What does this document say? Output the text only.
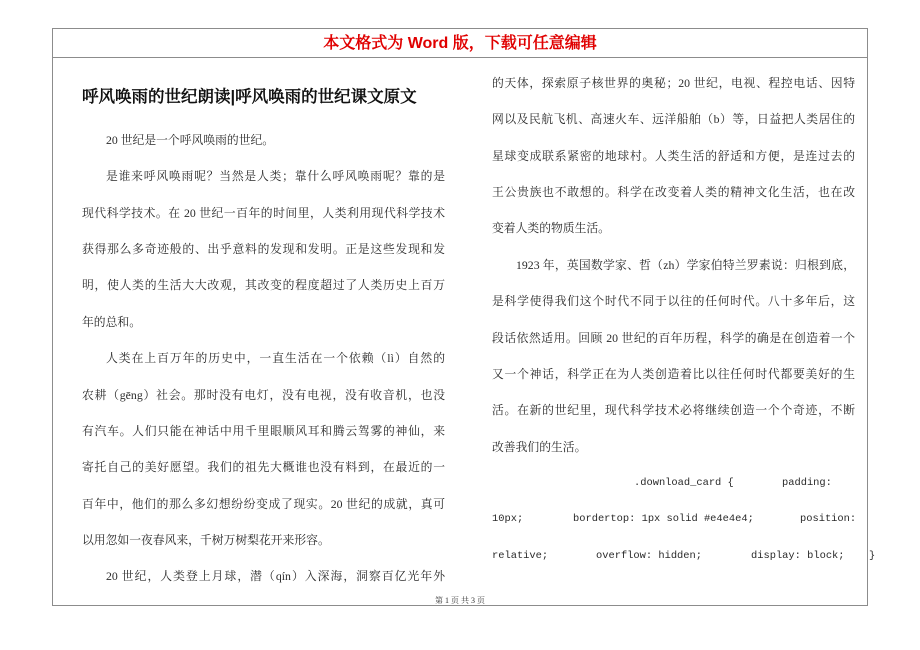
本文格式为 Word 版，下载可任意编辑
呼风唤雨的世纪朗读|呼风唤雨的世纪课文原文
20 世纪是一个呼风唤雨的世纪。
是谁来呼风唤雨呢？当然是人类；靠什么呼风唤雨呢？靠的是
现代科学技术。在 20 世纪一百年的时间里，人类利用现代科学技术
获得那么多奇迹般的、出乎意料的发现和发明。正是这些发现和发
明，使人类的生活大大改观，其改变的程度超过了人类历史上百万
年的总和。
人类在上百万年的历史中，一直生活在一个依赖（lì）自然的
农耕（gēng）社会。那时没有电灯，没有电视，没有收音机，也没
有汽车。人们只能在神话中用千里眼顺风耳和腾云驾雾的神仙，来
寄托自己的美好愿望。我们的祖先大概谁也没有料到，在最近的一
百年中，他们的那么多幻想纷纷变成了现实。20 世纪的成就，真可
以用忽如一夜春风来，千树万树梨花开来形容。
20 世纪，人类登上月球，潜（qín）入深海，洞察百亿光年外
的天体，探索原子核世界的奥秘；20 世纪，电视、程控电话、因特
网以及民航飞机、高速火车、远洋船舶（b）等，日益把人类居住的
星球变成联系紧密的地球村。人类生活的舒适和方便，是连过去的
王公贵族也不敢想的。科学在改变着人类的精神文化生活，也在改
变着人类的物质生活。
1923 年，英国数学家、哲（zh）学家伯特兰罗素说：归根到底，
是科学使得我们这个时代不同于以往的任何时代。八十多年后，这
段话依然适用。回顾 20 世纪的百年历程，科学的确是在创造着一个
又一个神话，科学正在为人类创造着比以往任何时代都要美好的生
活。在新的世纪里，现代科学技术必将继续创造一个个奇迹，不断
改善我们的生活。
.download_card {	padding:
10px;	bordertop: 1px solid #e4e4e4;	position:
relative;	overflow: hidden;	display: block; }
第 1 页 共 3 页
